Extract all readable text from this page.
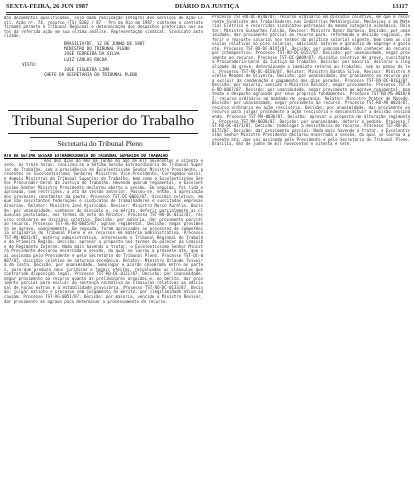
SEXTA-FEIRA, 26 JUN 1987	DIÁRIO DA JUSTIÇA	13117

dos documentos qualificados, seja dada realização integral dos serviços de Ação Civil. Ação nº. 74, recurso (TS) 8202 / 87 - Pro do Rio em 1987; conforme o contrato firmado perante o Tribunal Regional e determinação dos despachos proferidos nos autos da referida ação em sua última análise. Representação sindical. Sindicato autorizado.

BRASÍLIA/DF, 12 DE JUNHO DE 1987

MINISTRO DO TRIBUNAL PLENO

JOSÉ FERREIRA DA SILVA

LUIZ CARLOS ROCHA

VISTO:

JOSÉ FIGUEIRA LIMA

CHEFE DA SECRETARIA DO TRIBUNAL PLENO

Tribunal Superior do Trabalho

Secretaria do Tribunal Pleno

ATA DA SÉTIMA SESSÃO EXTRAORDINÁRIA DO TRIBUNAL SUPERIOR DO TRABALHO

Aos dez dias do mês de junho do ano de mil novecentos e oitenta e sete, às treze horas, realizou-se a Sétima Sessão Extraordinária do Tribunal Superior do Trabalho, sob a presidência do Excelentíssimo Senhor Ministro Presidente, presentes os Excelentíssimos Senhores Ministros Vice-Presidente, Corregedor-Geral, e demais Ministros do Tribunal Superior do Trabalho, bem como o Excelentíssimo Senhor Procurador-Geral da Justiça do Trabalho. Havendo quórum regimental, o Excelentíssimo Senhor Ministro Presidente declarou aberta a sessão. Em seguida, foi lida e aprovada, sem restrições, a ata da sessão anterior. Passou-se, então, à apreciação dos processos constantes da pauta. Processo TST-DC-0001/87, dissídio coletivo, em que são suscitantes federações e sindicatos de trabalhadores e suscitadas empresas diversas. Relator: Ministro José Ajuricaba. Revisor: Ministro Marco Aurélio. Decisão: por unanimidade, conhecer do dissídio e, no mérito, deferir parcialmente as cláusulas postuladas, nos termos do voto do Relator. Processo TST-RO-DC-0112/87, recurso ordinário em dissídio coletivo. Decisão: por maioria, dar provimento parcial ao recurso. Processo TST-AG-RO-0045/87, agravo regimental. Decisão: negar provimento ao agravo, unanimemente. Em seguida, foram apreciados os processos de competência originária do Tribunal Pleno e os recursos em matéria administrativa. Processo TST-MA-0031/87, matéria administrativa, interessado o Tribunal Regional do Trabalho da Primeira Região. Decisão: aprovar a proposta nos termos do parecer da Comissão de Regimento Interno. Nada mais havendo a tratar, o Excelentíssimo Senhor Ministro Presidente declarou encerrada a sessão, da qual se lavrou a presente ata, que vai assinada pelo Presidente e pelo Secretário do Tribunal Pleno. Processo TST-DC-0007/87, dissídio coletivo de natureza econômica. Relator: Ministro Orlando Teixeira da Costa. Decisão: por unanimidade, homologar o acordo celebrado entre as partes, para que produza seus jurídicos e legais efeitos, ressalvadas as cláusulas que contrariem disposição legal. Processo TST-RO-DC-0121/87. Decisão: por unanimidade, negar provimento ao recurso quanto às preliminares arguidas e, no mérito, dar provimento parcial para excluir da sentença normativa as cláusulas relativas ao adicional de horas extras e à estabilidade provisória. Processo TST-RO-DC-0133/87. Decisão: julgar extinto o processo sem julgamento do mérito, por ilegitimidade ativa ad causam. Processo TST-AG-0051/87. Decisão: por maioria, vencido o Ministro Revisor, dar provimento ao agravo para determinar o processamento do recurso.

Processo TST-RO-DC-0140/87, recurso ordinário em dissídio coletivo, em que é recorrente Sindicato dos Trabalhadores nas Indústrias Metalúrgicas, Mecânicas e de Material Elétrico e recorridos sindicatos patronais da mesma categoria econômica. Relator: Ministro Guimarães Falcão. Revisor: Ministro Ranor Barbosa. Decisão: por unanimidade, dar provimento parcial ao recurso para, reformando a decisão regional, deferir o reajuste salarial nos termos da política salarial vigente, bem como as cláusulas relativas ao piso salarial, adicional noturno e garantia de emprego à gestante. Processo TST-RO-DC-0147/87. Decisão: por unanimidade, não conhecer do recurso por intempestivo. Processo TST-RO-DC-0152/87. Decisão: por unanimidade, negar provimento ao recurso. Processo TST-DC-0009/87, dissídio coletivo de greve, suscitante a Procuradoria-Geral da Justiça do Trabalho. Decisão: por maioria, declarar a ilegalidade da greve, determinando o imediato retorno ao trabalho, sob as penas da lei. Processo TST-RO-DC-0158/87. Relator: Ministro Barata Silva. Revisor: Ministro Aurélio Mendes de Oliveira. Decisão: por unanimidade, dar provimento ao recurso para excluir da condenação o pagamento dos dias parados. Processo TST-RO-DC-0163/87. Decisão: por maioria, vencido o Ministro Relator, negar provimento. Processo TST-AG-RO-0067/87. Decisão: por unanimidade, negar provimento ao agravo regimental, mantendo o despacho agravado por seus próprios fundamentos. Processo TST-RO-MS-0018/87, recurso ordinário em mandado de segurança. Relator: Ministro Prates de Macedo. Decisão: por unanimidade, negar provimento ao recurso. Processo TST-RO-AR-0024/87, recurso ordinário em ação rescisória. Decisão: por unanimidade, dar provimento ao recurso para julgar procedente a ação rescisória e desconstituir a decisão rescindenda. Processo TST-MA-0036/87. Decisão: aprovar a proposta de alteração regimental. Processo TST-MA-0038/87. Decisão: por unanimidade, deferir o pedido. Processo TST-RO-DC-0171/87. Decisão: homologar a desistência do recurso. Processo TST-RO-DC-0175/87. Decisão: dar provimento parcial. Nada mais havendo a tratar, o Excelentíssimo Senhor Ministro Presidente declarou encerrada a sessão, da qual se lavrou a presente ata, que vai assinada pelo Presidente e pelo Secretário do Tribunal Pleno. Brasília, dez de junho de mil novecentos e oitenta e sete.
